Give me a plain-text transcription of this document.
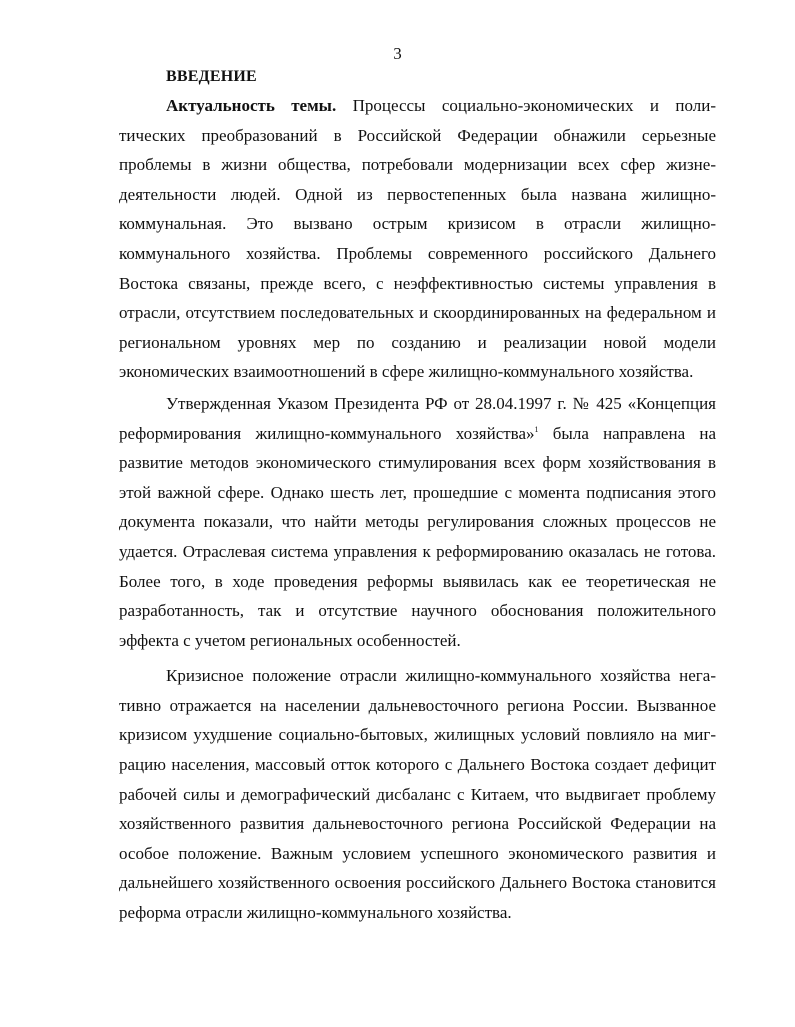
3
ВВЕДЕНИЕ

Актуальность темы. Процессы социально-экономических и политических преобразований в Российской Федерации обнажили серьезные проблемы в жизни общества, потребовали модернизации всех сфер жизнедеятельности людей. Одной из первостепенных была названа жилищно-коммунальная. Это вызвано острым кризисом в отрасли жилищно-коммунального хозяйства. Проблемы современного российского Дальнего Востока связаны, прежде всего, с неэффективностью системы управления в отрасли, отсутствием последовательных и скоординированных на федеральном и региональном уровнях мер по созданию и реализации новой модели экономических взаимоотношений в сфере жилищно-коммунального хозяйства.

Утвержденная Указом Президента РФ от 28.04.1997 г. № 425 «Концепция реформирования жилищно-коммунального хозяйства»$^1$ была направлена на развитие методов экономического стимулирования всех форм хозяйствования в этой важной сфере. Однако шесть лет, прошедшие с момента подписания этого документа показали, что найти методы регулирования сложных процессов не удается. Отраслевая система управления к реформированию оказалась не готова. Более того, в ходе проведения реформы выявилась как ее теоретическая не разработанность, так и отсутствие научного обоснования положительного эффекта с учетом региональных особенностей.

Кризисное положение отрасли жилищно-коммунального хозяйства негативно отражается на населении дальневосточного региона России. Вызванное кризисом ухудшение социально-бытовых, жилищных условий повлияло на миграцию населения, массовый отток которого с Дальнего Востока создает дефицит рабочей силы и демографический дисбаланс с Китаем, что выдвигает проблему хозяйственного развития дальневосточного региона Российской Федерации на особое положение. Важным условием успешного экономического развития и дальнейшего хозяйственного освоения российского Дальнего Востока становится реформа отрасли жилищно-коммунального хозяйства.
